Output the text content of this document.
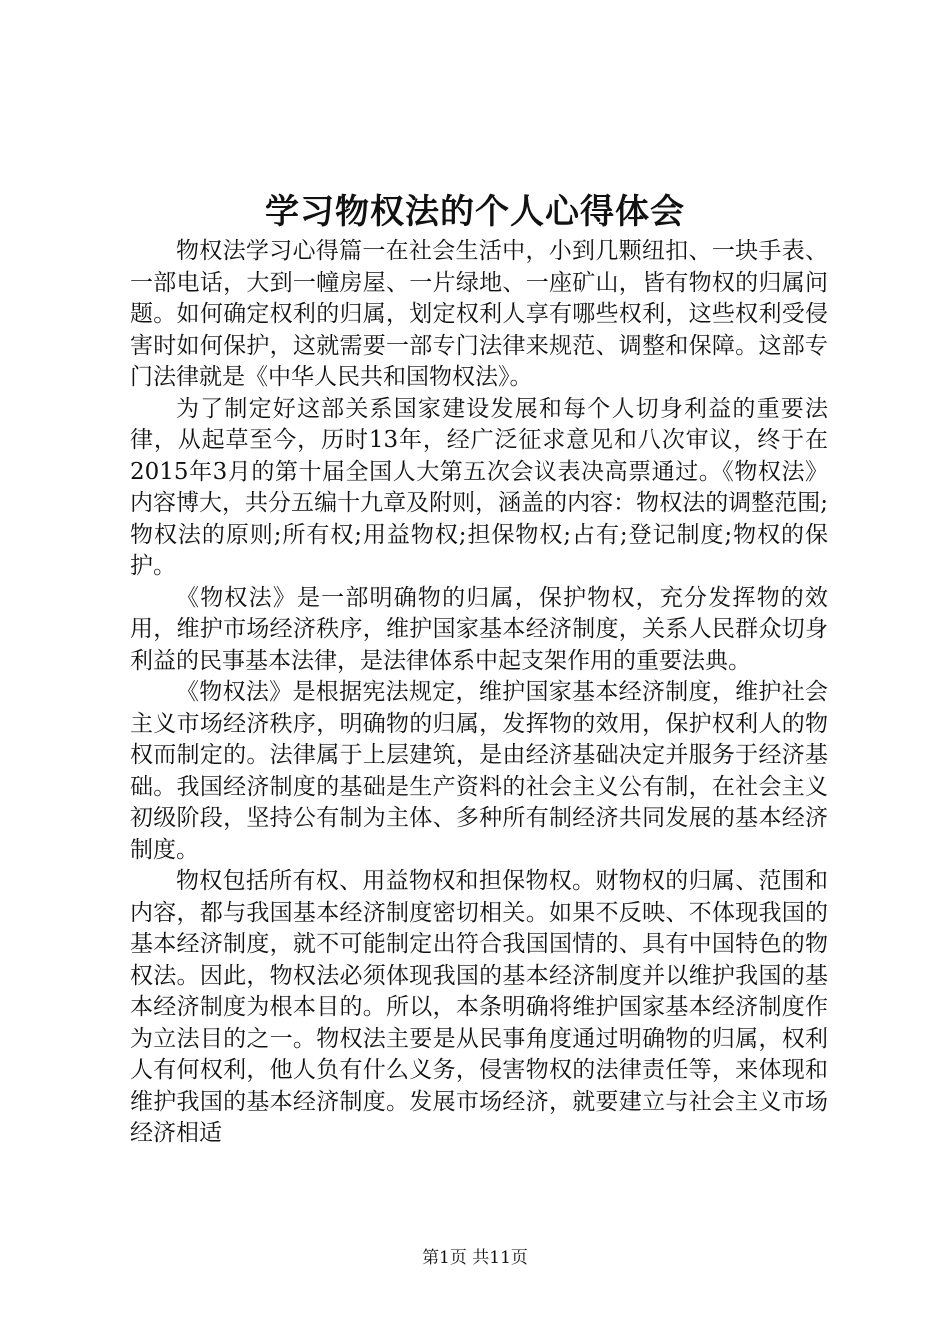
学习物权法的个人心得体会

物权法学习心得篇一在社会生活中，小到几颗纽扣、一块手表、一部电话，大到一幢房屋、一片绿地、一座矿山，皆有物权的归属问题。如何确定权利的归属，划定权利人享有哪些权利，这些权利受侵害时如何保护，这就需要一部专门法律来规范、调整和保障。这部专门法律就是《中华人民共和国物权法》。

为了制定好这部关系国家建设发展和每个人切身利益的重要法律，从起草至今，历时13年，经广泛征求意见和八次审议，终于在2015年3月的第十届全国人大第五次会议表决高票通过。《物权法》内容博大，共分五编十九章及附则，涵盖的内容：物权法的调整范围;物权法的原则;所有权;用益物权;担保物权;占有;登记制度;物权的保护。

《物权法》是一部明确物的归属，保护物权，充分发挥物的效用，维护市场经济秩序，维护国家基本经济制度，关系人民群众切身利益的民事基本法律，是法律体系中起支架作用的重要法典。

《物权法》是根据宪法规定，维护国家基本经济制度，维护社会主义市场经济秩序，明确物的归属，发挥物的效用，保护权利人的物权而制定的。法律属于上层建筑，是由经济基础决定并服务于经济基础。我国经济制度的基础是生产资料的社会主义公有制，在社会主义初级阶段，坚持公有制为主体、多种所有制经济共同发展的基本经济制度。

物权包括所有权、用益物权和担保物权。财物权的归属、范围和内容，都与我国基本经济制度密切相关。如果不反映、不体现我国的基本经济制度，就不可能制定出符合我国国情的、具有中国特色的物权法。因此，物权法必须体现我国的基本经济制度并以维护我国的基本经济制度为根本目的。所以，本条明确将维护国家基本经济制度作为立法目的之一。物权法主要是从民事角度通过明确物的归属，权利人有何权利，他人负有什么义务，侵害物权的法律责任等，来体现和维护我国的基本经济制度。发展市场经济，就要建立与社会主义市场经济相适

第1页 共11页
